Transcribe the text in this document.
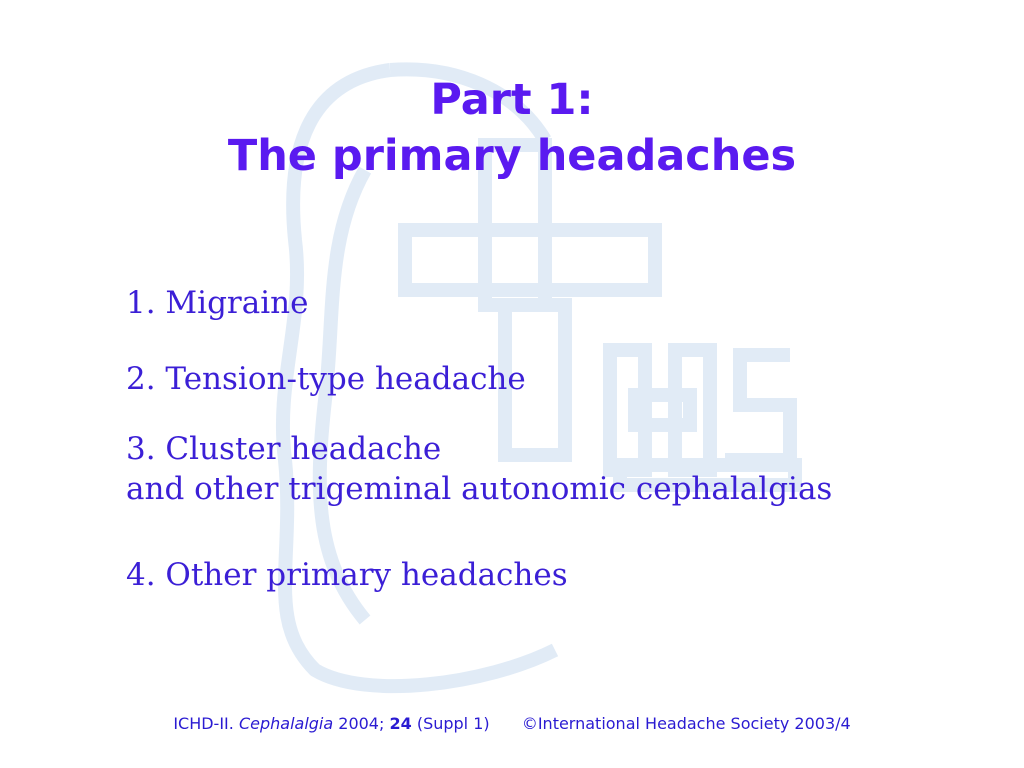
Part 1:
The primary headaches
1. Migraine
2. Tension-type headache
3. Cluster headache
and other trigeminal autonomic cephalalgias
4. Other primary headaches
ICHD-II. Cephalalgia 2004; 24 (Suppl 1) ©International Headache Society 2003/4
